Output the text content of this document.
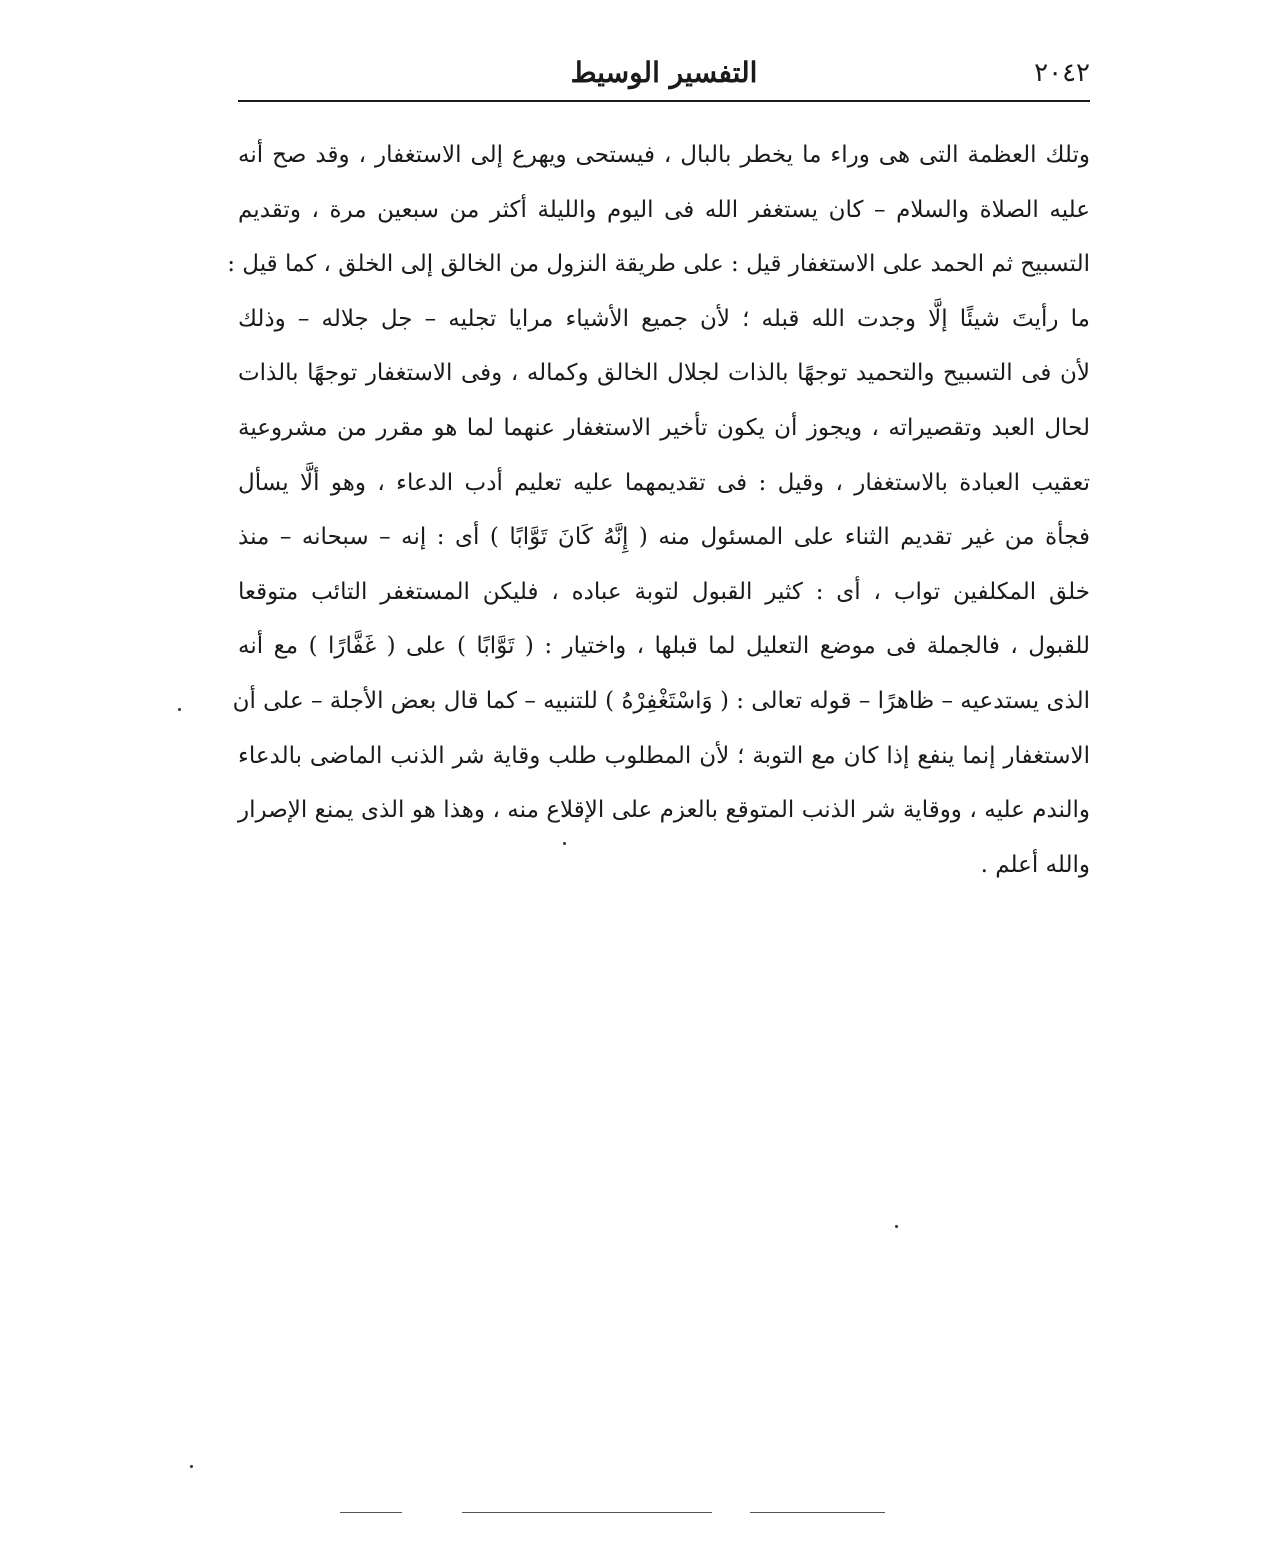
٢٠٤٢
التفسير الوسيط
وتلك العظمة التى هى وراء ما يخطر بالبال ، فيستحى ويهرع إلى الاستغفار ، وقد صح أنه
عليه الصلاة والسلام – كان يستغفر الله فى اليوم والليلة أكثر من سبعين مرة ، وتقديم
التسبيح ثم الحمد على الاستغفار قيل : على طريقة النزول من الخالق إلى الخلق ، كما قيل :
ما رأيتَ شيئًا إلَّا وجدت الله قبله ؛ لأن جميع الأشياء مرايا تجليه – جل جلاله – وذلك
لأن فى التسبيح والتحميد توجهًا بالذات لجلال الخالق وكماله ، وفى الاستغفار توجهًا بالذات
لحال العبد وتقصيراته ، ويجوز أن يكون تأخير الاستغفار عنهما لما هو مقرر من مشروعية
تعقيب العبادة بالاستغفار ، وقيل : فى تقديمهما عليه تعليم أدب الدعاء ، وهو ألَّا يسأل
فجأة من غير تقديم الثناء على المسئول منه ( إِنَّهُ كَانَ تَوَّابًا ) أى : إنه – سبحانه – منذ
خلق المكلفين تواب ، أى : كثير القبول لتوبة عباده ، فليكن المستغفر التائب متوقعا
للقبول ، فالجملة فى موضع التعليل لما قبلها ، واختيار : ( تَوَّابًا ) على ( غَفَّارًا ) مع أنه
الذى يستدعيه – ظاهرًا – قوله تعالى : ( وَاسْتَغْفِرْهُ ) للتنبيه – كما قال بعض الأجلة – على أن
الاستغفار إنما ينفع إذا كان مع التوبة ؛ لأن المطلوب طلب وقاية شر الذنب الماضى بالدعاء
والندم عليه ، ووقاية شر الذنب المتوقع بالعزم على الإقلاع منه ، وهذا هو الذى يمنع الإصرار
والله أعلم .
